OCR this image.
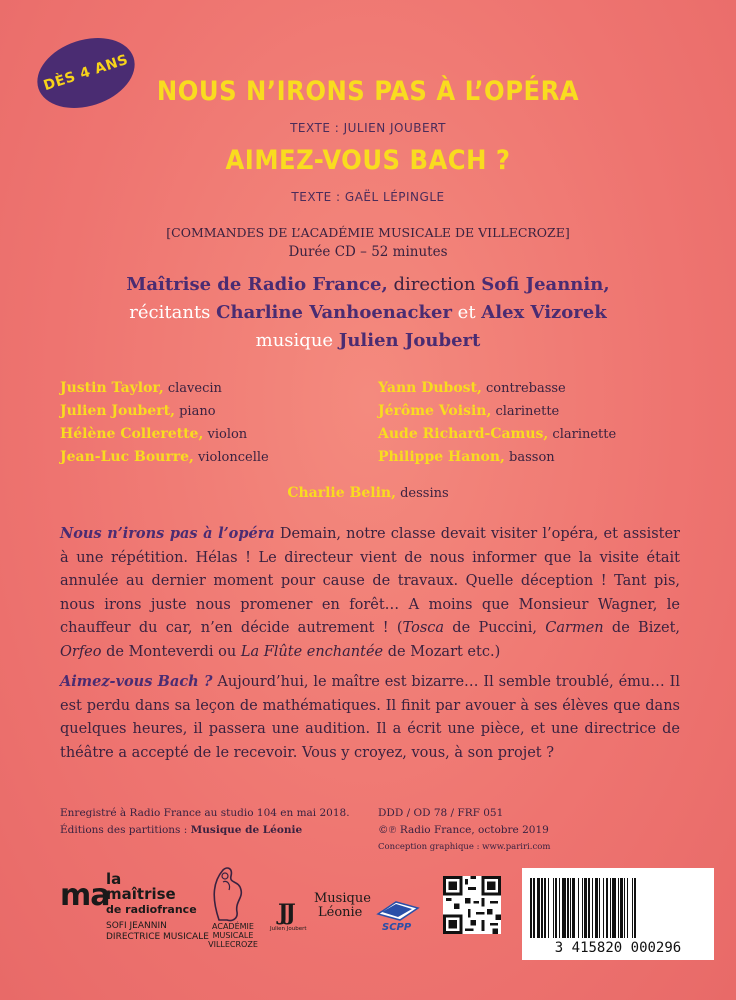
DÈS 4 ANS NOUS N’IRONS PAS À L’OPÉRA
TEXTE : JULIEN JOUBERT
AIMEZ-VOUS BACH ?
TEXTE : GAËL LÉPINGLE
[COMMANDES DE L’ACADÉMIE MUSICALE DE VILLECROZE]
Durée CD – 52 minutes
Maîtrise de Radio France, direction Sofi Jeannin,
récitants Charline Vanhoenacker et Alex Vizorek
musique Julien Joubert
Justin Taylor, clavecin
Julien Joubert, piano
Hélène Collerette, violon
Jean-Luc Bourre, violoncelle
Yann Dubost, contrebasse
Jérôme Voisin, clarinette
Aude Richard-Camus, clarinette
Philippe Hanon, basson
Charlie Belin, dessins
Nous n’irons pas à l’opéra Demain, notre classe devait visiter l’opéra, et assister à une répétition. Hélas ! Le directeur vient de nous informer que la visite était annulée au dernier moment pour cause de travaux. Quelle déception ! Tant pis, nous irons juste nous promener en forêt… A moins que Monsieur Wagner, le chauffeur du car, n’en décide autrement ! (Tosca de Puccini, Carmen de Bizet, Orfeo de Monteverdi ou La Flûte enchantée de Mozart etc.)
Aimez-vous Bach ? Aujourd’hui, le maître est bizarre… Il semble troublé, ému… Il est perdu dans sa leçon de mathématiques. Il finit par avouer à ses élèves que dans quelques heures, il passera une audition. Il a écrit une pièce, et une directrice de théâtre a accepté de le recevoir. Vous y croyez, vous, à son projet ?
Enregistré à Radio France au studio 104 en mai 2018.
Éditions des partitions : Musique de Léonie
DDD / OD 78 / FRF 051
©℗ Radio France, octobre 2019
Conception graphique : www.pariri.com
ma
la
maîtrise
de radiofrance
SOFI JEANNIN
DIRECTRICE MUSICALE
ACADÉMIE
MUSICALE
VILLECROZE
JJ
Julien Joubert
Musique
Léonie
SCPP
3 415820 000296
